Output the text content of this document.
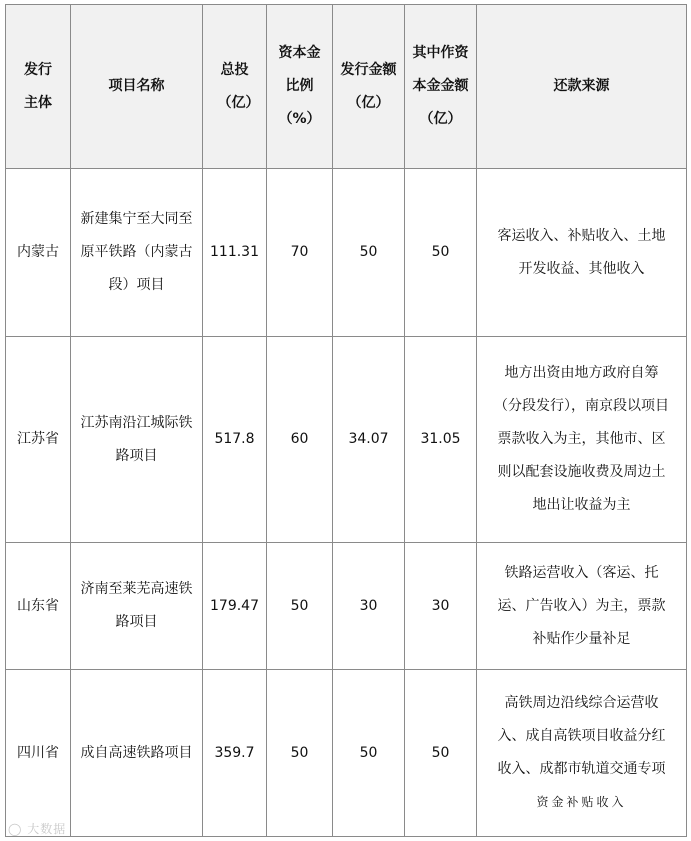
发行主体	项目名称	总投（亿）	资本金比例（%）	发行金额（亿）	其中作资本金金额（亿）	还款来源

内蒙古	新建集宁至大同至原平铁路（内蒙古段）项目	111.31	70	50	50	客运收入、补贴收入、土地开发收益、其他收入

江苏省	江苏南沿江城际铁路项目	517.8	60	34.07	31.05	地方出资由地方政府自筹（分段发行），南京段以项目票款收入为主，其他市、区则以配套设施收费及周边土地出让收益为主

山东省	济南至莱芜高速铁路项目	179.47	50	30	30	铁路运营收入（客运、托运、广告收入）为主，票款补贴作少量补足

四川省	成自高速铁路项目	359.7	50	50	50	高铁周边沿线综合运营收入、成自高铁项目收益分红收入、成都市轨道交通专项
资金补贴收入
◯ 大数据
